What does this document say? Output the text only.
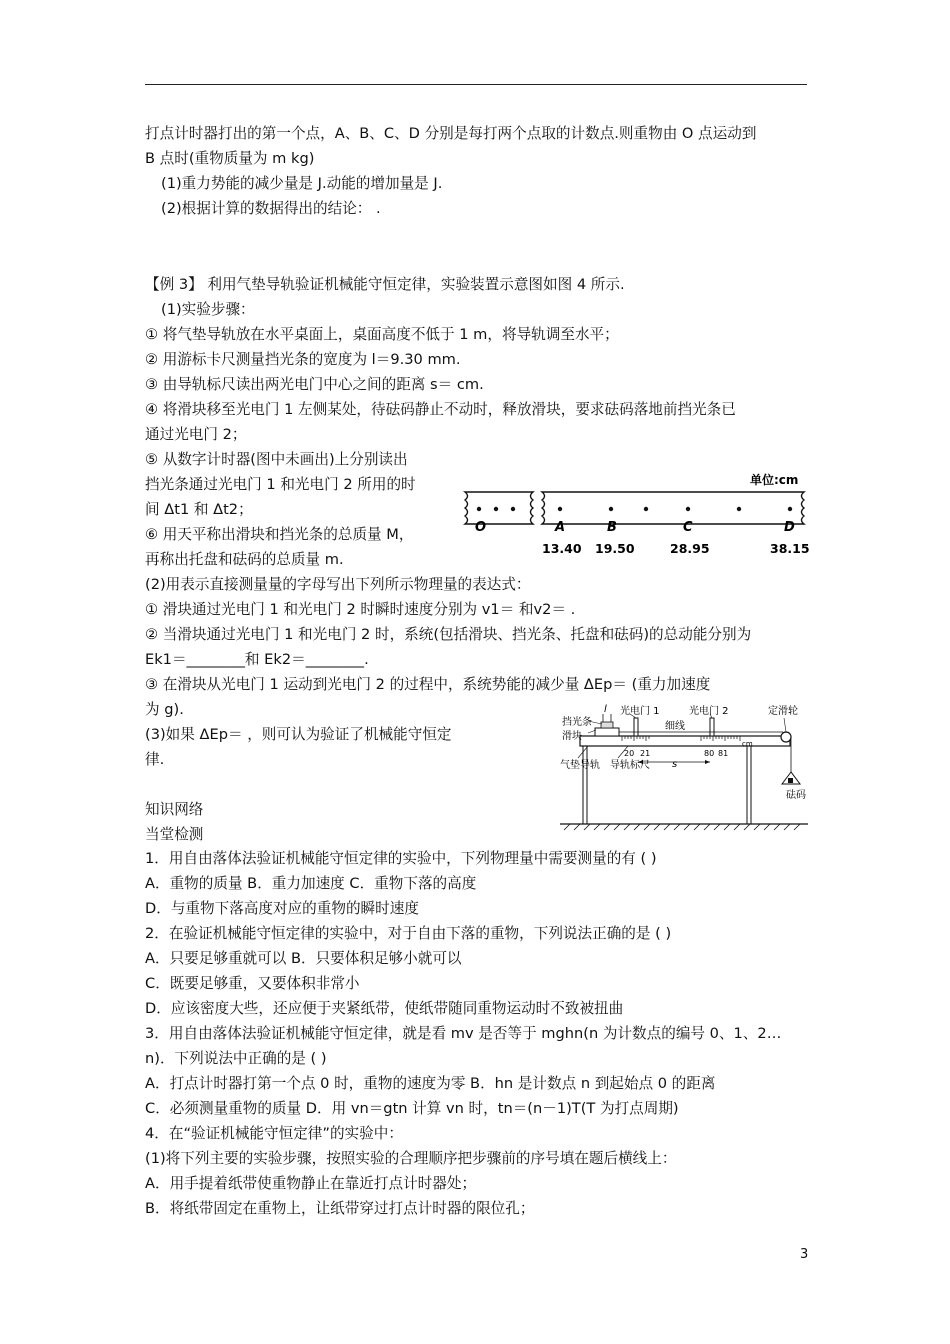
打点计时器打出的第一个点，A、B、C、D 分别是每打两个点取的计数点.则重物由 O 点运动到
B 点时(重物质量为 m kg)
(1)重力势能的减少量是 J.动能的增加量是 J.
(2)根据计算的数据得出的结论： .
【例 3】 利用气垫导轨验证机械能守恒定律，实验装置示意图如图 4 所示.
(1)实验步骤：
① 将气垫导轨放在水平桌面上，桌面高度不低于 1 m，将导轨调至水平；
② 用游标卡尺测量挡光条的宽度为 l＝9.30 mm.
③ 由导轨标尺读出两光电门中心之间的距离 s＝ cm.
④ 将滑块移至光电门 1 左侧某处，待砝码静止不动时，释放滑块，要求砝码落地前挡光条已
通过光电门 2；
⑤ 从数字计时器(图中未画出)上分别读出
挡光条通过光电门 1 和光电门 2 所用的时
间 Δt1 和 Δt2；
⑥ 用天平称出滑块和挡光条的总质量 M，
再称出托盘和砝码的总质量 m.
(2)用表示直接测量量的字母写出下列所示物理量的表达式：
① 滑块通过光电门 1 和光电门 2 时瞬时速度分别为 v1＝ 和v2＝ .
② 当滑块通过光电门 1 和光电门 2 时，系统(包括滑块、挡光条、托盘和砝码)的总动能分别为
Ek1＝________和 Ek2＝________.
③ 在滑块从光电门 1 运动到光电门 2 的过程中，系统势能的减少量 ΔEp＝ (重力加速度
为 g).
(3)如果 ΔEp＝ ，则可认为验证了机械能守恒定
律.
单位:cm
O	A	B	C	D
13.40 19.50	28.95	38.15
20 21	80 81
cm
挡光条
滑块
l 光电门 1	光电门 2	定滑轮
细线
砝码
气垫导轨 导轨标尺 s
知识网络
当堂检测
1．用自由落体法验证机械能守恒定律的实验中，下列物理量中需要测量的有 ( )
A．重物的质量 B．重力加速度 C．重物下落的高度
D．与重物下落高度对应的重物的瞬时速度
2．在验证机械能守恒定律的实验中，对于自由下落的重物，下列说法正确的是 ( )
A．只要足够重就可以 B．只要体积足够小就可以
C．既要足够重，又要体积非常小
D．应该密度大些，还应便于夹紧纸带，使纸带随同重物运动时不致被扭曲
3．用自由落体法验证机械能守恒定律，就是看 mv 是否等于 mghn(n 为计数点的编号 0、1、2…
n)．下列说法中正确的是 ( )
A．打点计时器打第一个点 0 时，重物的速度为零 B．hn 是计数点 n 到起始点 0 的距离
C．必须测量重物的质量 D．用 vn＝gtn 计算 vn 时，tn＝(n－1)T(T 为打点周期)
4．在“验证机械能守恒定律”的实验中：
(1)将下列主要的实验步骤，按照实验的合理顺序把步骤前的序号填在题后横线上：
A．用手提着纸带使重物静止在靠近打点计时器处；
B．将纸带固定在重物上，让纸带穿过打点计时器的限位孔；
3
